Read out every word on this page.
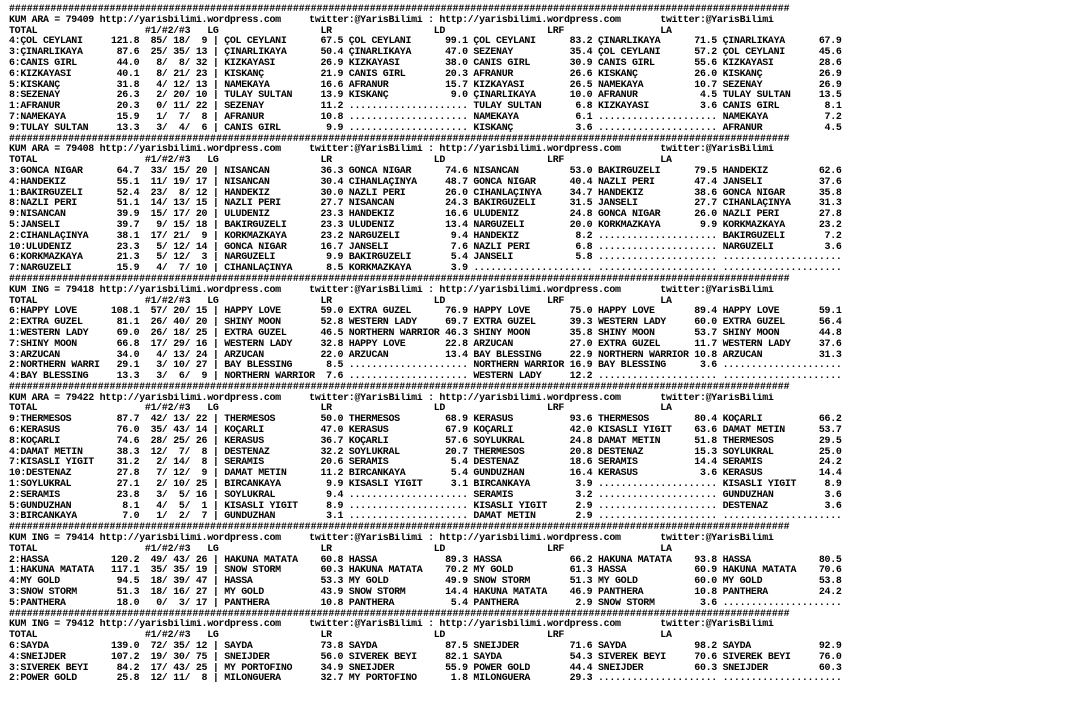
####################################################################################################################################
KUM ARA = 79409 http://yarisbilimi.wordpress.com     twitter:@YarisBilimi : http://yarisbilimi.wordpress.com       twitter:@YarisBilimi
TOTAL                   #1/#2/#3   LG                  LR                  LD                  LRF                 LA
4:ÇÖL CEYLANI     121.8  85/ 18/  9 | ÇÖL CEYLANI      67.5 ÇÖL CEYLANI      99.1 ÇÖL CEYLANI      83.2 ÇINARLIKAYA      71.5 ÇINARLIKAYA      67.9
3:ÇINARLIKAYA      87.6  25/ 35/ 13 | ÇINARLIKAYA      50.4 ÇINARLIKAYA      47.0 SEZENAY          35.4 ÇÖL CEYLANI      57.2 ÇÖL CEYLANI      45.6
6:CANIS GIRL       44.0   8/  8/ 32 | KIZKAYASI        26.9 KIZKAYASI        38.0 CANIS GIRL       30.9 CANIS GIRL       55.6 KIZKAYASI        28.6
6:KIZKAYASI        40.1   8/ 21/ 23 | KISKANÇ          21.9 CANIS GIRL       20.3 AFRANUR          26.6 KISKANÇ          26.0 KISKANÇ          26.9
5:KISKANÇ          31.8   4/ 12/ 13 | NAMEKAYA         16.6 AFRANUR          15.7 KIZKAYASI        26.5 NAMEKAYA         10.7 SEZENAY          26.9
8:SEZENAY          26.3   2/ 20/ 10 | TÜLAY SULTAN     13.9 KISKANÇ           9.0 ÇINARLIKAYA      10.0 AFRANUR           4.5 TÜLAY SULTAN     13.5
1:AFRANUR          20.3   0/ 11/ 22 | SEZENAY          11.2 ..................... TÜLAY SULTAN      6.8 KIZKAYASI         3.6 CANIS GIRL        8.1
7:NAMEKAYA         15.9   1/  7/  8 | AFRANUR          10.8 ..................... NAMEKAYA          6.1 ..................... NAMEKAYA          7.2
9:TÜLAY SULTAN     13.3   3/  4/  6 | CANIS GIRL        9.9 ..................... KISKANÇ           3.6 ..................... AFRANUR           4.5
####################################################################################################################################
KUM ARA = 79408 http://yarisbilimi.wordpress.com     twitter:@YarisBilimi : http://yarisbilimi.wordpress.com       twitter:@YarisBilimi
TOTAL                   #1/#2/#3   LG                  LR                  LD                  LRF                 LA
3:GONCA NİGAR      64.7  33/ 15/ 20 | NİSANCAN         36.3 GONCA NİGAR      74.6 NİSANCAN         53.0 BAKIRGÜZELİ      79.5 HANDEKIZ         62.6
4:HANDEKIZ         55.1  11/ 19/ 17 | NİSANCAN         30.4 CİHANLAÇİNYA     48.7 GONCA NİGAR      40.4 NAZLI PERİ       47.4 JANSELİ          37.6
1:BAKIRGÜZELİ      52.4  23/  8/ 12 | HANDEKIZ         30.0 NAZLI PERİ       26.0 CİHANLAÇİNYA     34.7 HANDEKIZ         38.6 GONCA NİGAR      35.8
8:NAZLI PERİ       51.1  14/ 13/ 15 | NAZLI PERİ       27.7 NİSANCAN         24.3 BAKIRGÜZELİ      31.5 JANSELİ          27.7 CİHANLAÇİNYA     31.3
9:NİSANCAN         39.9  15/ 17/ 20 | ULUDENİZ         23.3 HANDEKIZ         16.6 ULUDENİZ         24.8 GONCA NİGAR      26.0 NAZLI PERİ       27.8
5:JANSELİ          39.7   9/ 15/ 18 | BAKIRGÜZELİ      23.3 ULUDENİZ         13.4 NARGÜZELİ        20.0 KORKMAZKAYA       9.9 KORKMAZKAYA      23.2
2:CİHANLAÇİNYA     38.1  17/ 21/  9 | KORKMAZKAYA      23.2 NARGÜZELİ         9.4 HANDEKIZ          8.2 ..................... BAKIRGÜZELİ       7.2
10:ULUDENİZ        23.3   5/ 12/ 14 | GONCA NİGAR      16.7 JANSELİ           7.6 NAZLI PERİ        6.8 ..................... NARGÜZELİ         3.6
6:KORKMAZKAYA      21.3   5/ 12/  3 | NARGÜZELİ         9.9 BAKIRGÜZELİ       5.4 JANSELİ           5.8 ..................... .....................
7:NARGÜZELİ        15.9   4/  7/ 10 | CİHANLAÇİNYA      8.5 KORKMAZKAYA       3.9 ..................... ..................... .....................
####################################################################################################################################
KUM ING = 79418 http://yarisbilimi.wordpress.com     twitter:@YarisBilimi : http://yarisbilimi.wordpress.com       twitter:@YarisBilimi
TOTAL                   #1/#2/#3   LG                  LR                  LD                  LRF                 LA
6:HAPPY LOVE      108.1  57/ 20/ 15 | HAPPY LOVE       59.0 EXTRA GÜZEL      76.9 HAPPY LOVE       75.0 HAPPY LOVE       89.4 HAPPY LOVE       59.1
2:EXTRA GÜZEL      81.1  26/ 40/ 20 | SHINY MOON       52.8 WESTERN LADY     69.7 EXTRA GÜZEL      39.3 WESTERN LADY     60.0 EXTRA GÜZEL      56.4
1:WESTERN LADY     69.0  26/ 18/ 25 | EXTRA GÜZEL      46.5 NORTHERN WARRIOR 46.3 SHINY MOON       35.8 SHINY MOON       53.7 SHINY MOON       44.8
7:SHINY MOON       66.8  17/ 29/ 16 | WESTERN LADY     32.8 HAPPY LOVE       22.8 ARZUCAN          27.0 EXTRA GÜZEL      11.7 WESTERN LADY     37.6
3:ARZUCAN          34.0   4/ 13/ 24 | ARZUCAN          22.0 ARZUCAN          13.4 BAY BLESSING     22.9 NORTHERN WARRIOR 10.8 ARZUCAN          31.3
2:NORTHERN WARRI   29.1   3/ 10/ 27 | BAY BLESSING      8.5 ..................... NORTHERN WARRIOR 16.9 BAY BLESSING      3.6 .....................
4:BAY BLESSING     13.3   3/  6/  9 | NORTHERN WARRIOR  7.6 ..................... WESTERN LADY     12.2 ..................... .....................
####################################################################################################################################
KUM ARA = 79422 http://yarisbilimi.wordpress.com     twitter:@YarisBilimi : http://yarisbilimi.wordpress.com       twitter:@YarisBilimi
TOTAL                   #1/#2/#3   LG                  LR                  LD                  LRF                 LA
9:THERMESOS        87.7  42/ 13/ 22 | THERMESOS        50.0 THERMESOS        68.9 KERASUS          93.6 THERMESOS        80.4 KOÇARLI          66.2
6:KERASUS          76.0  35/ 43/ 14 | KOÇARLI          47.0 KERASUS          67.9 KOÇARLI          42.0 KISASLI YİĞİT    63.6 DAMAT METİN      53.7
8:KOÇARLI          74.6  28/ 25/ 26 | KERASUS          36.7 KOÇARLI          57.6 SOYLUKRAL        24.8 DAMAT METİN      51.8 THERMESOS        29.5
4:DAMAT METİN      38.3  12/  7/  8 | DESTENAZ         32.2 SOYLUKRAL        20.7 THERMESOS        20.8 DESTENAZ         15.3 SOYLUKRAL        25.0
7:KISASLI YİĞİT    31.2   2/ 14/  8 | SERAMIS          20.6 SERAMIS           5.4 DESTENAZ         18.6 SERAMIS          14.4 SERAMIS          24.2
10:DESTENAZ        27.8   7/ 12/  9 | DAMAT METİN      11.2 BİRCANKAYA        5.4 GÜNDÜZHAN        16.4 KERASUS           3.6 KERASUS          14.4
1:SOYLUKRAL        27.1   2/ 10/ 25 | BİRCANKAYA        9.9 KISASLI YİĞİT     3.1 BİRCANKAYA        3.9 ..................... KISASLI YİĞİT     8.9
2:SERAMIS          23.8   3/  5/ 16 | SOYLUKRAL         9.4 ..................... SERAMIS           3.2 ..................... GÜNDÜZHAN         3.6
5:GÜNDÜZHAN         8.1   4/  5/  1 | KISASLI YİĞİT     8.9 ..................... KISASLI YİĞİT     2.9 ..................... DESTENAZ          3.6
3:BİRCANKAYA        7.0   1/  2/  7 | GÜNDÜZHAN         3.1 ..................... DAMAT METİN       2.9 ..................... .....................
####################################################################################################################################
KUM ING = 79414 http://yarisbilimi.wordpress.com     twitter:@YarisBilimi : http://yarisbilimi.wordpress.com       twitter:@YarisBilimi
TOTAL                   #1/#2/#3   LG                  LR                  LD                  LRF                 LA
2:HASSA           120.2  49/ 43/ 26 | HAKUNA MATATA    60.8 HASSA            89.3 HASSA            66.2 HAKUNA MATATA    93.8 HASSA            80.5
1:HAKUNA MATATA   117.1  35/ 35/ 19 | SNOW STORM       60.3 HAKUNA MATATA    70.2 MY GOLD          61.3 HASSA            60.9 HAKUNA MATATA    70.6
4:MY GOLD          94.5  18/ 39/ 47 | HASSA            53.3 MY GOLD          49.9 SNOW STORM       51.3 MY GOLD          60.0 MY GOLD          53.8
3:SNOW STORM       51.3  18/ 16/ 27 | MY GOLD          43.9 SNOW STORM       14.4 HAKUNA MATATA    46.9 PANTHERA         10.8 PANTHERA         24.2
5:PANTHERA         18.0   0/  3/ 17 | PANTHERA         10.8 PANTHERA          5.4 PANTHERA          2.9 SNOW STORM        3.6 .....................
####################################################################################################################################
KUM ING = 79412 http://yarisbilimi.wordpress.com     twitter:@YarisBilimi : http://yarisbilimi.wordpress.com       twitter:@YarisBilimi
TOTAL                   #1/#2/#3   LG                  LR                  LD                  LRF                 LA
6:SAYDA           139.0  72/ 35/ 12 | SAYDA            73.8 SAYDA            87.5 SNEIJDER         71.6 SAYDA            98.2 SAYDA            92.9
4:SNEIJDER        107.2  19/ 30/ 75 | SNEIJDER         56.0 SİVEREK BEYİ     82.1 SAYDA            54.3 SİVEREK BEYİ     70.6 SİVEREK BEYİ     76.0
3:SİVEREK BEYİ     84.2  17/ 43/ 25 | MY PORTOFINO     34.9 SNEIJDER         55.9 POWER GOLD       44.4 SNEIJDER         60.3 SNEIJDER         60.3
2:POWER GOLD       25.8  12/ 11/  8 | MILONGUERA       32.7 MY PORTOFINO      1.8 MILONGUERA       29.3 ..................... .....................
